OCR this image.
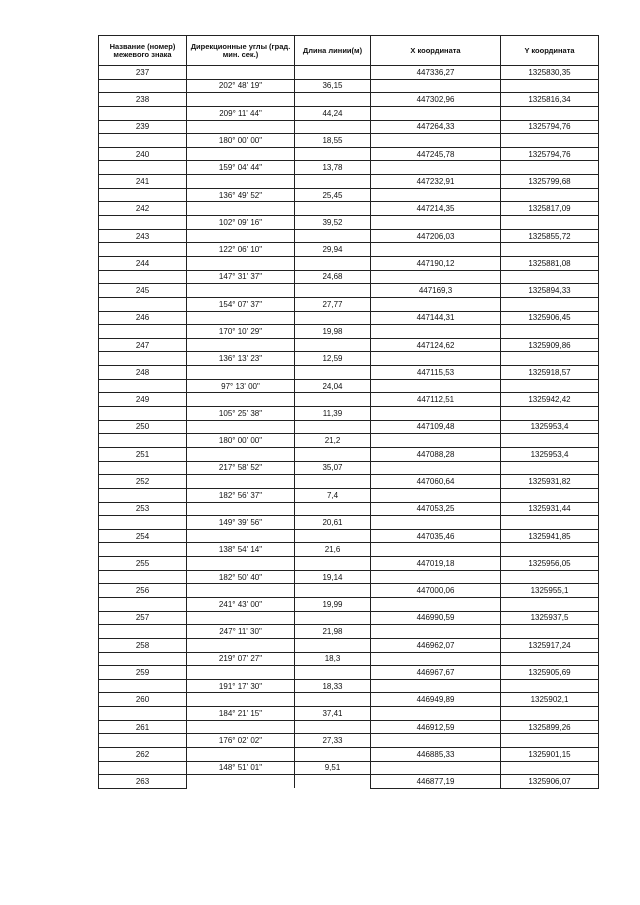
Название (номер) межевого знака	Дирекционные углы (град. мин. сек.)	Длина линии(м)	X координата	Y координата
237			447336,27	1325830,35
	202° 48' 19"	36,15		
238			447302,96	1325816,34
	209° 11' 44"	44,24		
239			447264,33	1325794,76
	180° 00' 00"	18,55		
240			447245,78	1325794,76
	159° 04' 44"	13,78		
241			447232,91	1325799,68
	136° 49' 52"	25,45		
242			447214,35	1325817,09
	102° 09' 16"	39,52		
243			447206,03	1325855,72
	122° 06' 10"	29,94		
244			447190,12	1325881,08
	147° 31' 37"	24,68		
245			447169,3	1325894,33
	154° 07' 37"	27,77		
246			447144,31	1325906,45
	170° 10' 29"	19,98		
247			447124,62	1325909,86
	136° 13' 23"	12,59		
248			447115,53	1325918,57
	97° 13' 00"	24,04		
249			447112,51	1325942,42
	105° 25' 38"	11,39		
250			447109,48	1325953,4
	180° 00' 00"	21,2		
251			447088,28	1325953,4
	217° 58' 52"	35,07		
252			447060,64	1325931,82
	182° 56' 37"	7,4		
253			447053,25	1325931,44
	149° 39' 56"	20,61		
254			447035,46	1325941,85
	138° 54' 14"	21,6		
255			447019,18	1325956,05
	182° 50' 40"	19,14		
256			447000,06	1325955,1
	241° 43' 00"	19,99		
257			446990,59	1325937,5
	247° 11' 30"	21,98		
258			446962,07	1325917,24
	219° 07' 27"	18,3		
259			446967,67	1325905,69
	191° 17' 30"	18,33		
260			446949,89	1325902,1
	184° 21' 15"	37,41		
261			446912,59	1325899,26
	176° 02' 02"	27,33		
262			446885,33	1325901,15
	148° 51' 01"	9,51		
263			446877,19	1325906,07
